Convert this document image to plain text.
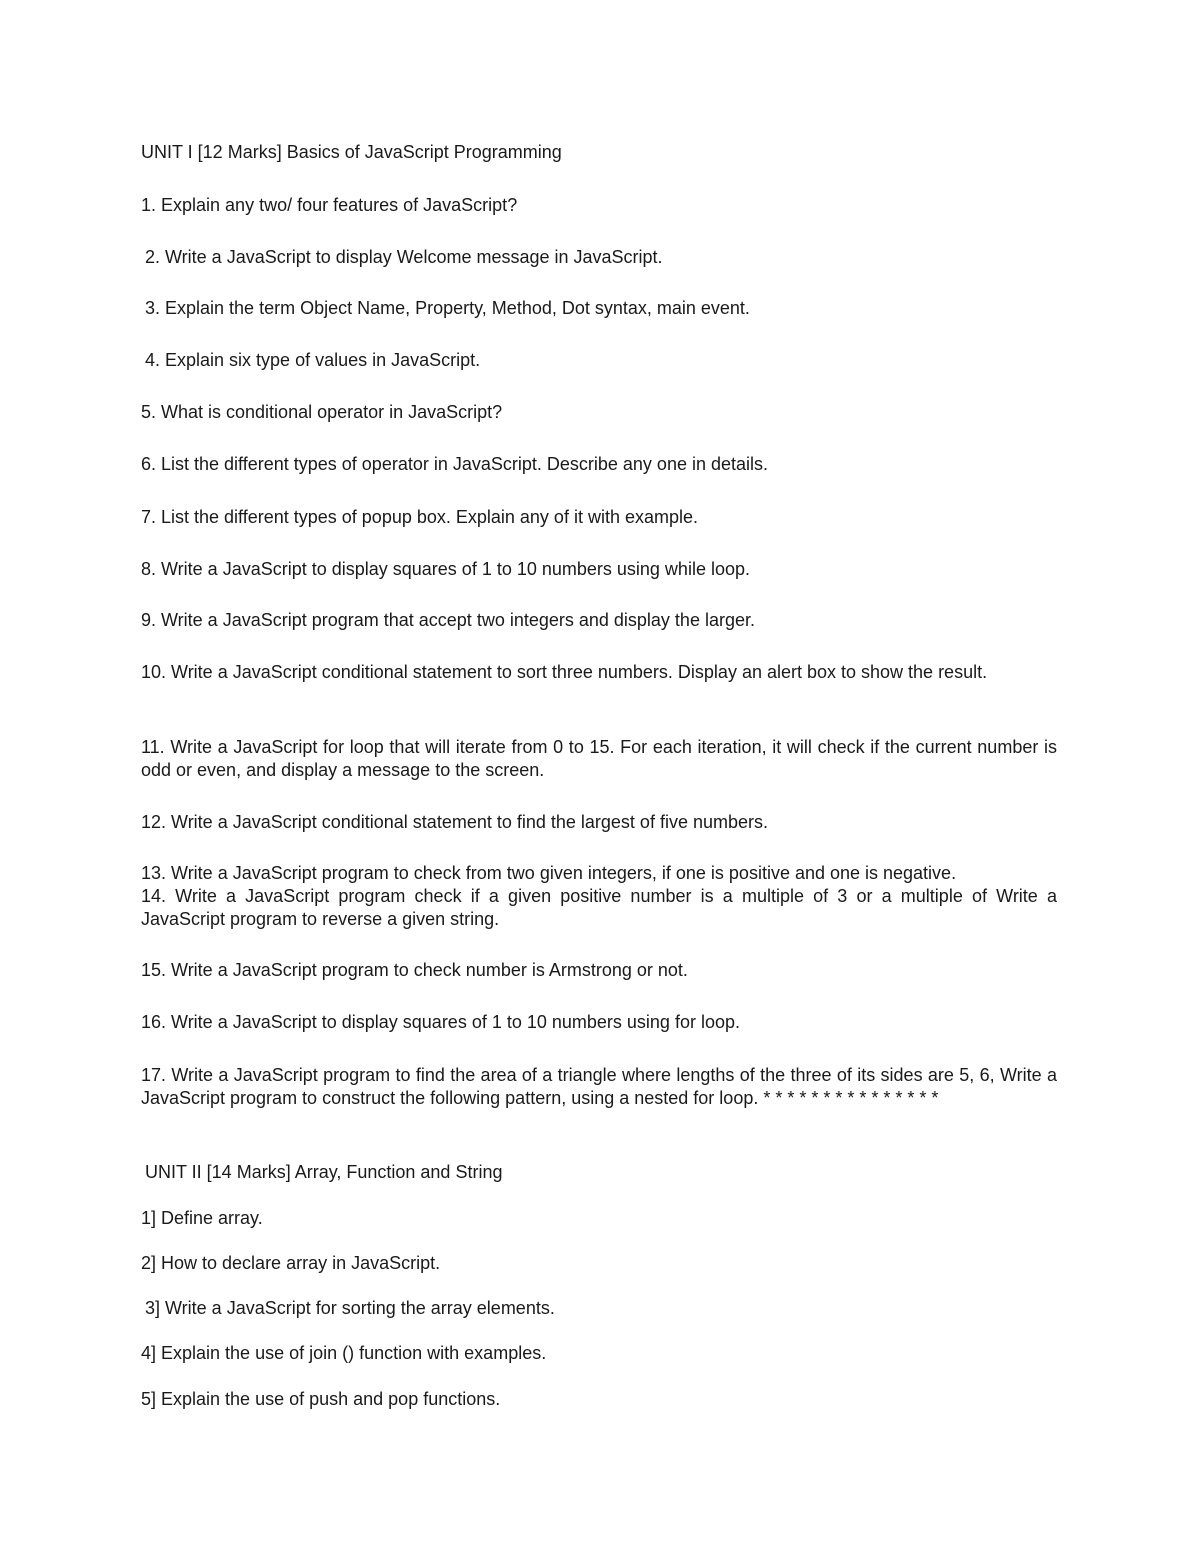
UNIT I [12 Marks] Basics of JavaScript Programming
1. Explain any two/ four features of JavaScript?
2. Write a JavaScript to display Welcome message in JavaScript.
3. Explain the term Object Name, Property, Method, Dot syntax, main event.
4. Explain six type of values in JavaScript.
5. What is conditional operator in JavaScript?
6. List the different types of operator in JavaScript. Describe any one in details.
7. List the different types of popup box. Explain any of it with example.
8. Write a JavaScript to display squares of 1 to 10 numbers using while loop.
9. Write a JavaScript program that accept two integers and display the larger.
10. Write a JavaScript conditional statement to sort three numbers. Display an alert box to show the result.
11. Write a JavaScript for loop that will iterate from 0 to 15. For each iteration, it will check if the current number is odd or even, and display a message to the screen.
12. Write a JavaScript conditional statement to find the largest of five numbers.
13. Write a JavaScript program to check from two given integers, if one is positive and one is negative.
14. Write a JavaScript program check if a given positive number is a multiple of 3 or a multiple of Write a JavaScript program to reverse a given string.
15. Write a JavaScript program to check number is Armstrong or not.
16. Write a JavaScript to display squares of 1 to 10 numbers using for loop.
17. Write a JavaScript program to find the area of a triangle where lengths of the three of its sides are 5, 6, Write a JavaScript program to construct the following pattern, using a nested for loop. * * * * * * * * * * * * * * *
UNIT II [14 Marks] Array, Function and String
1] Define array.
2] How to declare array in JavaScript.
3] Write a JavaScript for sorting the array elements.
4] Explain the use of join () function with examples.
5] Explain the use of push and pop functions.
